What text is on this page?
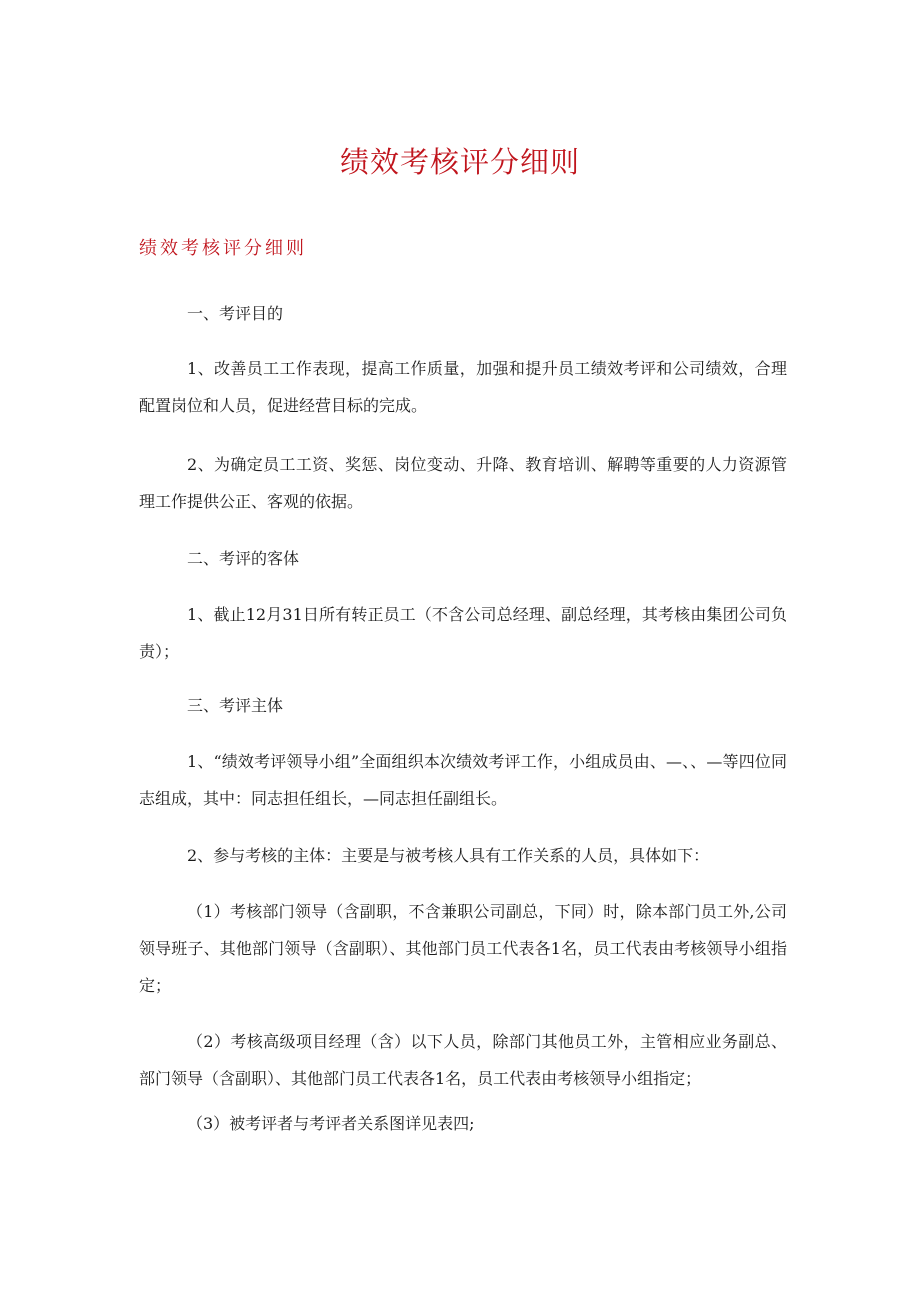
绩效考核评分细则
绩效考核评分细则
一、考评目的
1、改善员工工作表现，提高工作质量，加强和提升员工绩效考评和公司绩效，合理配置岗位和人员，促进经营目标的完成。
2、为确定员工工资、奖惩、岗位变动、升降、教育培训、解聘等重要的人力资源管理工作提供公正、客观的依据。
二、考评的客体
1、截止12月31日所有转正员工（不含公司总经理、副总经理，其考核由集团公司负责）；
三、考评主体
1、“绩效考评领导小组”全面组织本次绩效考评工作，小组成员由、—、、—等四位同志组成，其中：同志担任组长，—同志担任副组长。
2、参与考核的主体：主要是与被考核人具有工作关系的人员，具体如下：
（1）考核部门领导（含副职，不含兼职公司副总，下同）时，除本部门员工外,公司领导班子、其他部门领导（含副职）、其他部门员工代表各1名，员工代表由考核领导小组指定；
（2）考核高级项目经理（含）以下人员，除部门其他员工外，主管相应业务副总、部门领导（含副职）、其他部门员工代表各1名，员工代表由考核领导小组指定；
（3）被考评者与考评者关系图详见表四;
